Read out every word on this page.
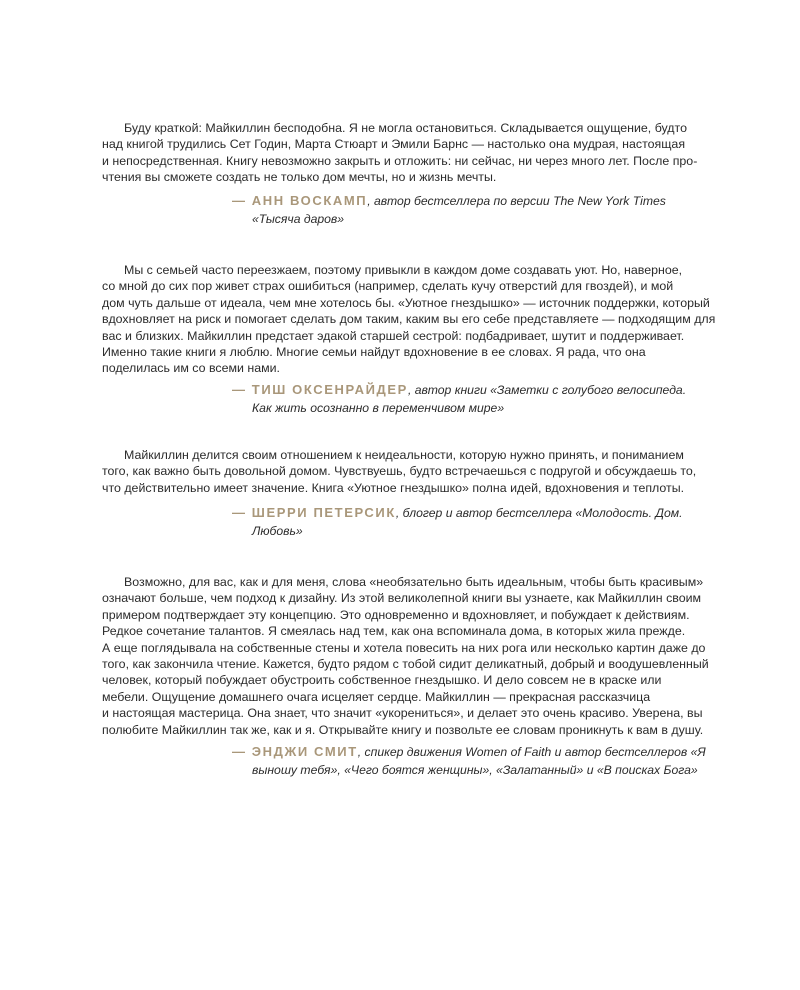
Буду краткой: Майкиллин бесподобна. Я не могла остановиться. Складывается ощущение, будто
над книгой трудились Сет Годин, Марта Стюарт и Эмили Барнс — настолько она мудрая, настоящая
и непосредственная. Книгу невозможно закрыть и отложить: ни сейчас, ни через много лет. После про-
чтения вы сможете создать не только дом мечты, но и жизнь мечты.

— АНН ВОСКАМП, автор бестселлера по версии The New York Times
«Тысяча даров»

Мы с семьей часто переезжаем, поэтому привыкли в каждом доме создавать уют. Но, наверное,
со мной до сих пор живет страх ошибиться (например, сделать кучу отверстий для гвоздей), и мой
дом чуть дальше от идеала, чем мне хотелось бы. «Уютное гнездышко» — источник поддержки, который
вдохновляет на риск и помогает сделать дом таким, каким вы его себе представляете — подходящим для
вас и близких. Майкиллин предстает эдакой старшей сестрой: подбадривает, шутит и поддерживает.
Именно такие книги я люблю. Многие семьи найдут вдохновение в ее словах. Я рада, что она
поделилась им со всеми нами.

— ТИШ ОКСЕНРАЙДЕР, автор книги «Заметки с голубого велосипеда.
Как жить осознанно в переменчивом мире»

Майкиллин делится своим отношением к неидеальности, которую нужно принять, и пониманием
того, как важно быть довольной домом. Чувствуешь, будто встречаешься с подругой и обсуждаешь то,
что действительно имеет значение. Книга «Уютное гнездышко» полна идей, вдохновения и теплоты.

— ШЕРРИ ПЕТЕРСИК, блогер и автор бестселлера «Молодость. Дом.
Любовь»

Возможно, для вас, как и для меня, слова «необязательно быть идеальным, чтобы быть красивым»
означают больше, чем подход к дизайну. Из этой великолепной книги вы узнаете, как Майкиллин своим
примером подтверждает эту концепцию. Это одновременно и вдохновляет, и побуждает к действиям.
Редкое сочетание талантов. Я смеялась над тем, как она вспоминала дома, в которых жила прежде.
А еще поглядывала на собственные стены и хотела повесить на них рога или несколько картин даже до
того, как закончила чтение. Кажется, будто рядом с тобой сидит деликатный, добрый и воодушевленный
человек, который побуждает обустроить собственное гнездышко. И дело совсем не в краске или
мебели. Ощущение домашнего очага исцеляет сердце. Майкиллин — прекрасная рассказчица
и настоящая мастерица. Она знает, что значит «укорениться», и делает это очень красиво. Уверена, вы
полюбите Майкиллин так же, как и я. Открывайте книгу и позвольте ее словам проникнуть к вам в душу.

— ЭНДЖИ СМИТ, спикер движения Women of Faith и автор бестселлеров «Я
выношу тебя», «Чего боятся женщины», «Залатанный» и «В поисках Бога»
